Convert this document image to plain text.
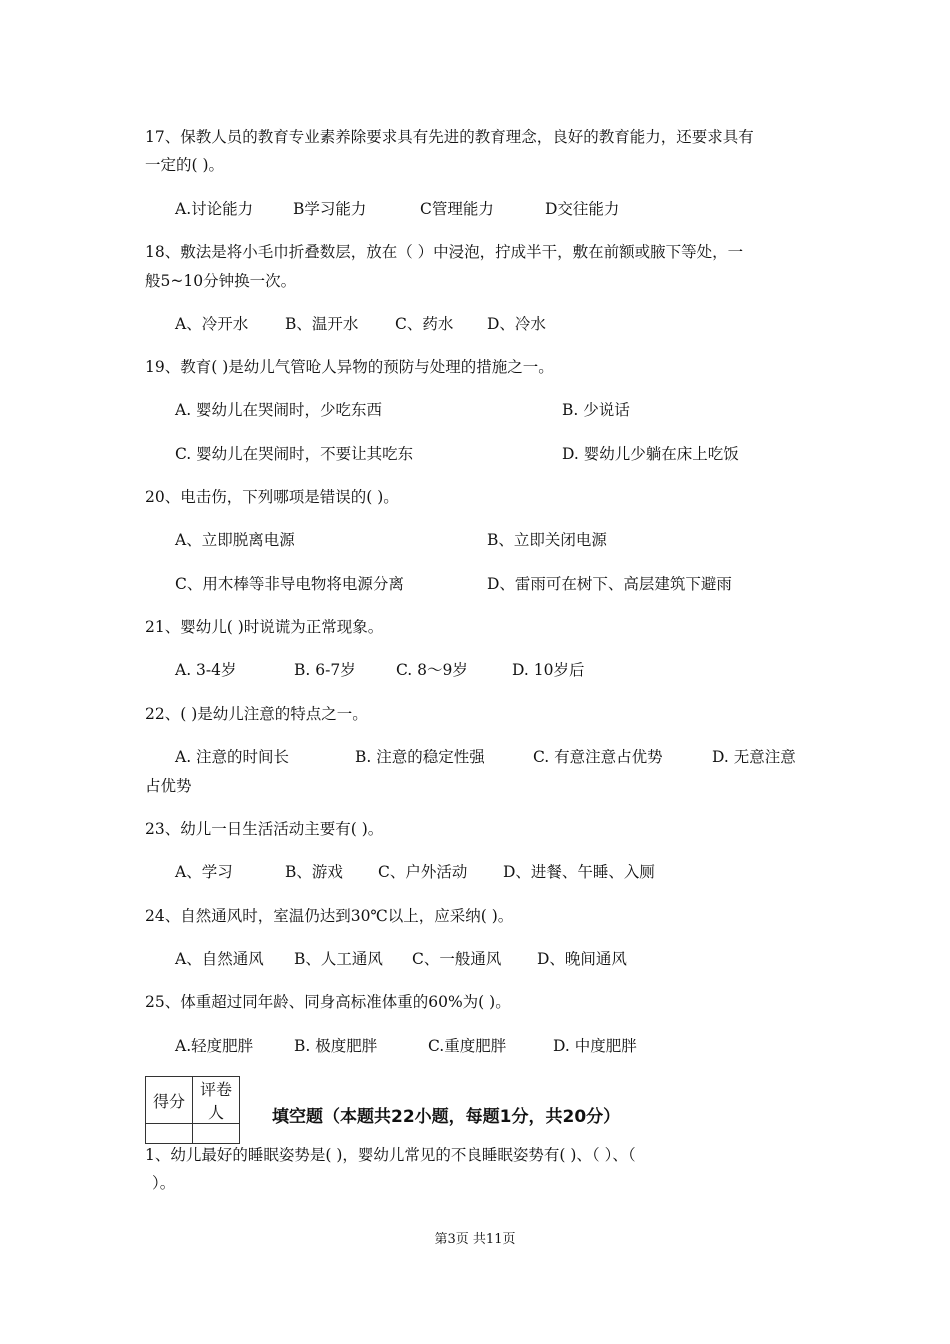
17、保教人员的教育专业素养除要求具有先进的教育理念，良好的教育能力，还要求具有
一定的( )。
A.讨论能力	B学习能力	C管理能力	D交往能力
18、敷法是将小毛巾折叠数层，放在（ ）中浸泡，拧成半干，敷在前额或腋下等处，一
般5~10分钟换一次。
A、冷开水 B、温开水 C、药水 D、冷水
19、教育( )是幼儿气管呛人异物的预防与处理的措施之一。
A. 婴幼儿在哭闹时，少吃东西	B. 少说话
C. 婴幼儿在哭闹时，不要让其吃东	D. 婴幼儿少躺在床上吃饭
20、电击伤，下列哪项是错误的( )。
A、立即脱离电源	B、立即关闭电源
C、用木棒等非导电物将电源分离	D、雷雨可在树下、高层建筑下避雨
21、婴幼儿( )时说谎为正常现象。
A. 3-4岁	B. 6-7岁	C. 8～9岁	D. 10岁后
22、( )是幼儿注意的特点之一。
A. 注意的时间长	B. 注意的稳定性强	C. 有意注意占优势	D. 无意注意
占优势
23、幼儿一日生活活动主要有( )。
A、学习	B、游戏 C、户外活动 D、进餐、午睡、入厕
24、自然通风时，室温仍达到30℃以上，应采纳( )。
A、自然通风 B、人工通风 C、一般通风 D、晚间通风
25、体重超过同年龄、同身高标准体重的60%为( )。
A.轻度肥胖	B. 极度肥胖	C.重度肥胖	D. 中度肥胖
得分	评卷人
		填空题（本题共22小题，每题1分，共20分）
1、幼儿最好的睡眠姿势是( )，婴幼儿常见的不良睡眠姿势有( )、（ ）、（
）。
第3页 共11页
